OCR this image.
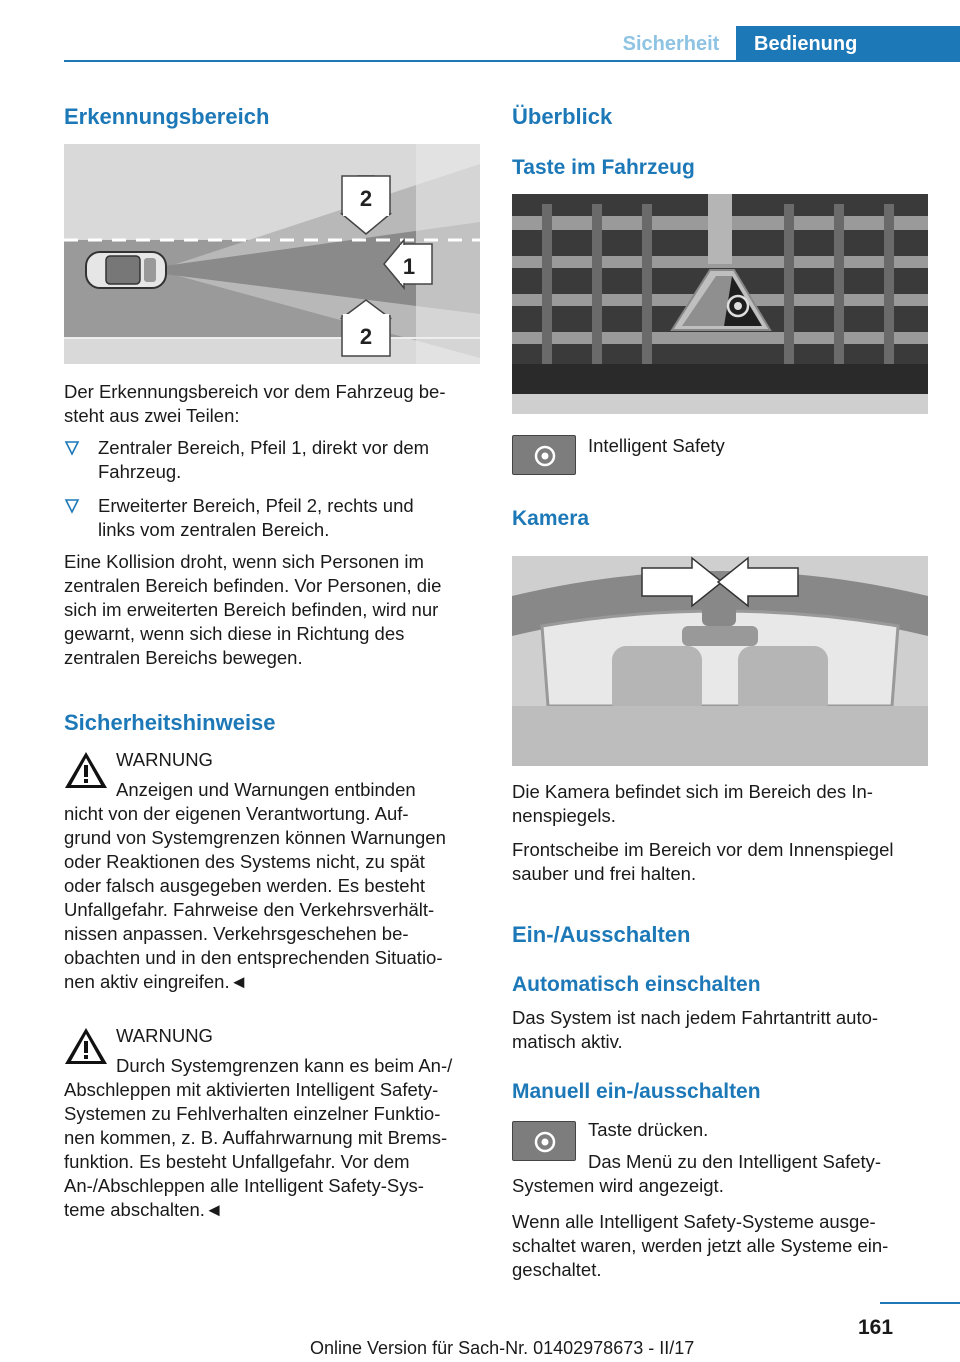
Sicherheit	Bedienung
Erkennungsbereich
2
1
2
Der Erkennungsbereich vor dem Fahrzeug be-
steht aus zwei Teilen:
Zentraler Bereich, Pfeil 1, direkt vor dem
Fahrzeug.
Erweiterter Bereich, Pfeil 2, rechts und
links vom zentralen Bereich.
Eine Kollision droht, wenn sich Personen im
zentralen Bereich befinden. Vor Personen, die
sich im erweiterten Bereich befinden, wird nur
gewarnt, wenn sich diese in Richtung des
zentralen Bereichs bewegen.
Sicherheitshinweise
WARNUNG
Anzeigen und Warnungen entbinden
nicht von der eigenen Verantwortung. Auf-
grund von Systemgrenzen können Warnungen
oder Reaktionen des Systems nicht, zu spät
oder falsch ausgegeben werden. Es besteht
Unfallgefahr. Fahrweise den Verkehrsverhält-
nissen anpassen. Verkehrsgeschehen be-
obachten und in den entsprechenden Situatio-
nen aktiv eingreifen.◄
WARNUNG
Durch Systemgrenzen kann es beim An-/
Abschleppen mit aktivierten Intelligent Safety-
Systemen zu Fehlverhalten einzelner Funktio-
nen kommen, z. B. Auffahrwarnung mit Brems-
funktion. Es besteht Unfallgefahr. Vor dem
An-/Abschleppen alle Intelligent Safety-Sys-
teme abschalten.◄
Überblick
Taste im Fahrzeug
Intelligent Safety
Kamera
Die Kamera befindet sich im Bereich des In-
nenspiegels.
Frontscheibe im Bereich vor dem Innenspiegel
sauber und frei halten.
Ein-/Ausschalten
Automatisch einschalten
Das System ist nach jedem Fahrtantritt auto-
matisch aktiv.
Manuell ein-/ausschalten
Taste drücken.
Das Menü zu den Intelligent Safety-
Systemen wird angezeigt.
Wenn alle Intelligent Safety-Systeme ausge-
schaltet waren, werden jetzt alle Systeme ein-
geschaltet.
161
Online Version für Sach-Nr. 01402978673 - II/17
